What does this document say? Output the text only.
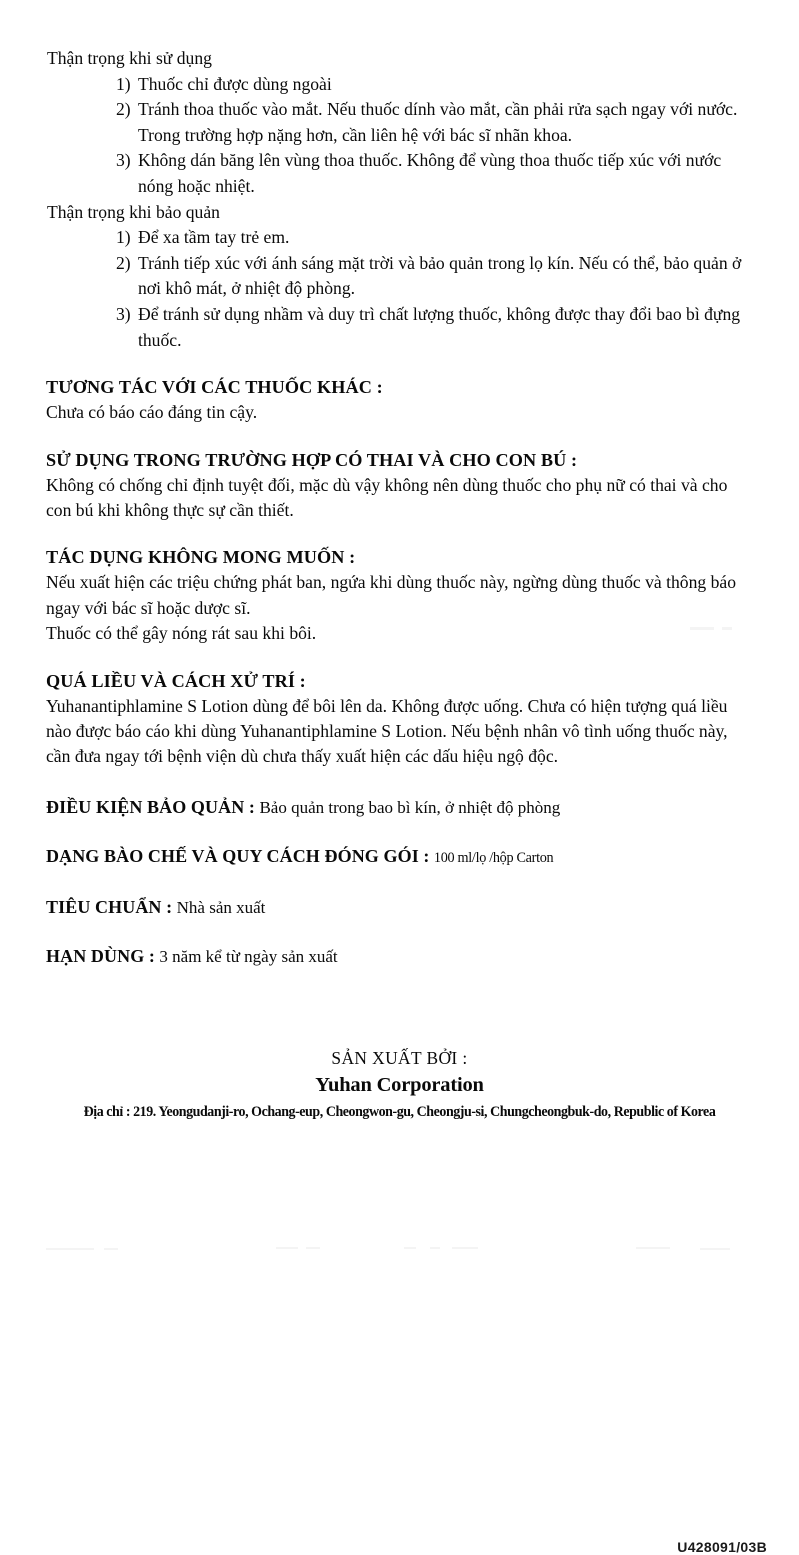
Thận trọng khi sử dụng

1) Thuốc chỉ được dùng ngoài
2) Tránh thoa thuốc vào mắt. Nếu thuốc dính vào mắt, cần phải rửa sạch ngay với nước. Trong trường hợp nặng hơn, cần liên hệ với bác sĩ nhãn khoa.
3) Không dán băng lên vùng thoa thuốc. Không để vùng thoa thuốc tiếp xúc với nước nóng hoặc nhiệt.

Thận trọng khi bảo quản

1) Để xa tầm tay trẻ em.
2) Tránh tiếp xúc với ánh sáng mặt trời và bảo quản trong lọ kín. Nếu có thể, bảo quản ở nơi khô mát, ở nhiệt độ phòng.
3) Để tránh sử dụng nhầm và duy trì chất lượng thuốc, không được thay đổi bao bì đựng thuốc.

TƯƠNG TÁC VỚI CÁC THUỐC KHÁC :

Chưa có báo cáo đáng tin cậy.

SỬ DỤNG TRONG TRƯỜNG HỢP CÓ THAI VÀ CHO CON BÚ :

Không có chống chỉ định tuyệt đối, mặc dù vậy không nên dùng thuốc cho phụ nữ có thai và cho con bú khi không thực sự cần thiết.

TÁC DỤNG KHÔNG MONG MUỐN :

Nếu xuất hiện các triệu chứng phát ban, ngứa khi dùng thuốc này, ngừng dùng thuốc và thông báo ngay với bác sĩ hoặc dược sĩ.

Thuốc có thể gây nóng rát sau khi bôi.

QUÁ LIỀU VÀ CÁCH XỬ TRÍ :

Yuhanantiphlamine S Lotion dùng để bôi lên da. Không được uống. Chưa có hiện tượng quá liều nào được báo cáo khi dùng Yuhanantiphlamine S Lotion. Nếu bệnh nhân vô tình uống thuốc này, cần đưa ngay tới bệnh viện dù chưa thấy xuất hiện các dấu hiệu ngộ độc.

ĐIỀU KIỆN BẢO QUẢN : Bảo quản trong bao bì kín, ở nhiệt độ phòng
DẠNG BÀO CHẾ VÀ QUY CÁCH ĐÓNG GÓI : 100 ml/lọ /hộp Carton
TIÊU CHUẨN : Nhà sản xuất
HẠN DÙNG : 3 năm kể từ ngày sản xuất
SẢN XUẤT BỞI :
Yuhan Corporation
Địa chỉ : 219. Yeongudanji-ro, Ochang-eup, Cheongwon-gu, Cheongju-si, Chungcheongbuk-do, Republic of Korea
U428091/03B
